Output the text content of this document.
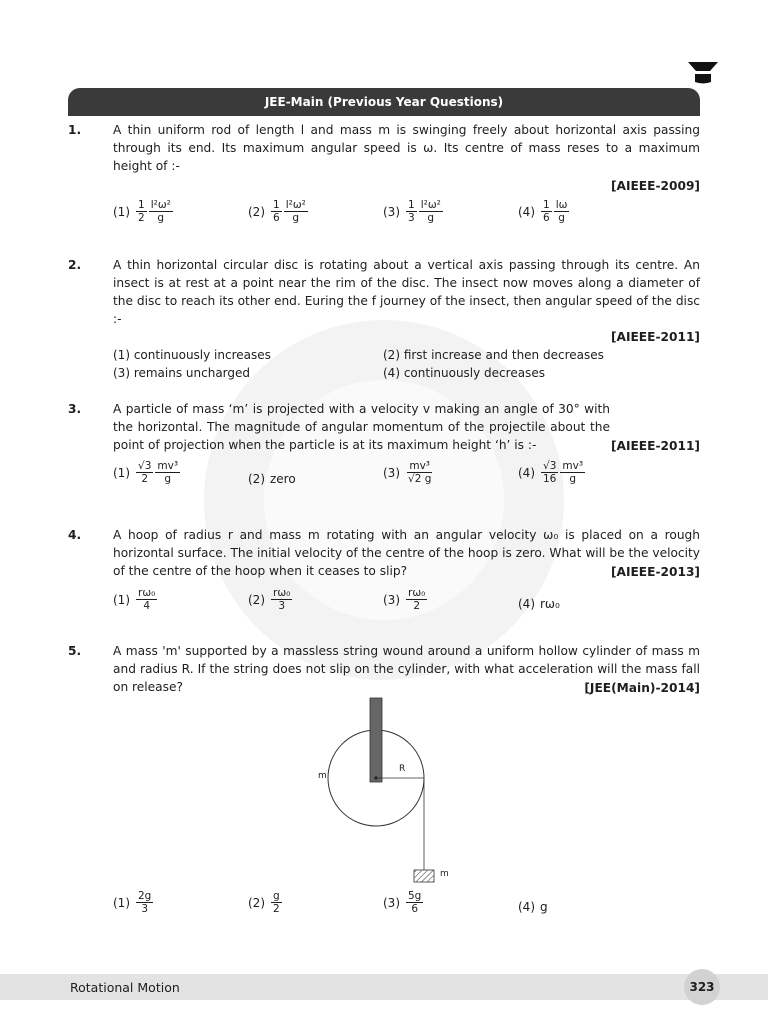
JEE-Main (Previous Year Questions)
1.	A thin uniform rod of length l and mass m is swinging freely about horizontal axis passing through its end. Its maximum angular speed is ω. Its centre of mass reses to a maximum height of :-
[AIEEE-2009]
$(1) \frac{1}{2} \frac{\text{l²ω²}}{g}$	$(2) \frac{1}{6} \frac{\text{l²ω²}}{g}$	$(3) \frac{1}{3} \frac{\text{l²ω²}}{g}$	$(4) \frac{1}{6} \frac{l\omega}{g}$
2.	A thin horizontal circular disc is rotating about a vertical axis passing through its centre. An insect is at rest at a point near the rim of the disc. The insect now moves along a diameter of the disc to reach its other end. Euring the f journey of the insect, then angular speed of the disc :-
[AIEEE-2011]
(1) continuously increases	(2) first increase and then decreases
(3) remains uncharged	(4) continuously decreases
3.	A particle of mass ‘m’ is projected with a velocity v making an angle of 30° with the horizontal. The magnitude of angular momentum of the projectile about the point of projection when the particle is at its maximum height ‘h’ is :-	[AIEEE-2011]
$(1) \frac{√3}{2} \frac{\text{mv³}}{g}$	(2) zero	$(3) \frac{\text{mv³}}{√2 g}$	$(4) \frac{√3}{16} \frac{\text{mv³}}{g}$
4.	A hoop of radius r and mass m rotating with an angular velocity ω₀ is placed on a rough horizontal surface. The initial velocity of the centre of the hoop is zero. What will be the velocity of the centre of the hoop when it ceases to slip?	[AIEEE-2013]
$(1) \frac{\text{rω₀}}{4}$	$(2) \frac{\text{rω₀}}{3}$	$(3) \frac{\text{rω₀}}{2}$	(4) rω₀
5.	A mass 'm' supported by a massless string wound around a uniform hollow cylinder of mass m and radius R. If the string does not slip on the cylinder, with what acceleration will the mass fall on release?	[JEE(Main)-2014]
m
R
m
$(1) \frac{2g}{3}$	$(2) \frac{g}{2}$	$(3) \frac{5g}{6}$	(4) g
Rotational Motion	323
